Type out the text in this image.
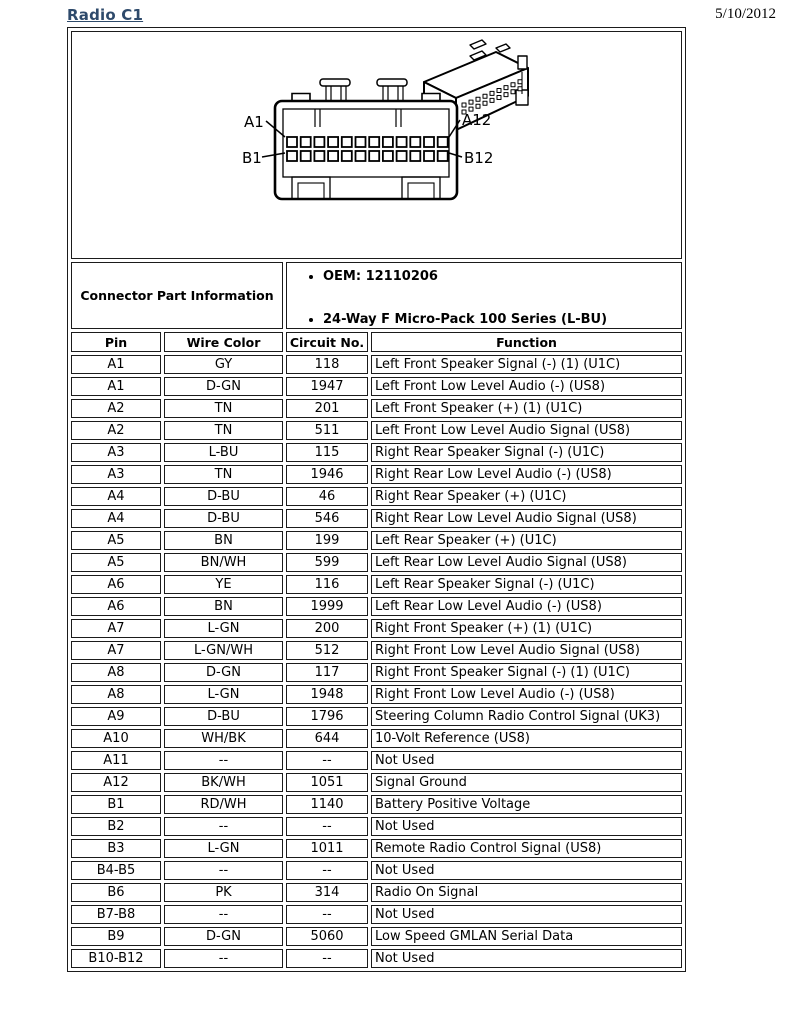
Radio C1	5/10/2012
A1
B1
A12
B12			

Connector Part Information	
• OEM: 12110206
• 24-Way F Micro-Pack 100 Series (L-BU)

Pin	Wire Color	Circuit No.	Function
A1	GY	118	Left Front Speaker Signal (-) (1) (U1C)
A1	D-GN	1947	Left Front Low Level Audio (-) (US8)
A2	TN	201	Left Front Speaker (+) (1) (U1C)
A2	TN	511	Left Front Low Level Audio Signal (US8)
A3	L-BU	115	Right Rear Speaker Signal (-) (U1C)
A3	TN	1946	Right Rear Low Level Audio (-) (US8)
A4	D-BU	46	Right Rear Speaker (+) (U1C)
A4	D-BU	546	Right Rear Low Level Audio Signal (US8)
A5	BN	199	Left Rear Speaker (+) (U1C)
A5	BN/WH	599	Left Rear Low Level Audio Signal (US8)
A6	YE	116	Left Rear Speaker Signal (-) (U1C)
A6	BN	1999	Left Rear Low Level Audio (-) (US8)
A7	L-GN	200	Right Front Speaker (+) (1) (U1C)
A7	L-GN/WH	512	Right Front Low Level Audio Signal (US8)
A8	D-GN	117	Right Front Speaker Signal (-) (1) (U1C)
A8	L-GN	1948	Right Front Low Level Audio (-) (US8)
A9	D-BU	1796	Steering Column Radio Control Signal (UK3)
A10	WH/BK	644	10-Volt Reference (US8)
A11	--	--	Not Used
A12	BK/WH	1051	Signal Ground
B1	RD/WH	1140	Battery Positive Voltage
B2	--	--	Not Used
B3	L-GN	1011	Remote Radio Control Signal (US8)
B4-B5	--	--	Not Used
B6	PK	314	Radio On Signal
B7-B8	--	--	Not Used
B9	D-GN	5060	Low Speed GMLAN Serial Data
B10-B12	--	--	Not Used
